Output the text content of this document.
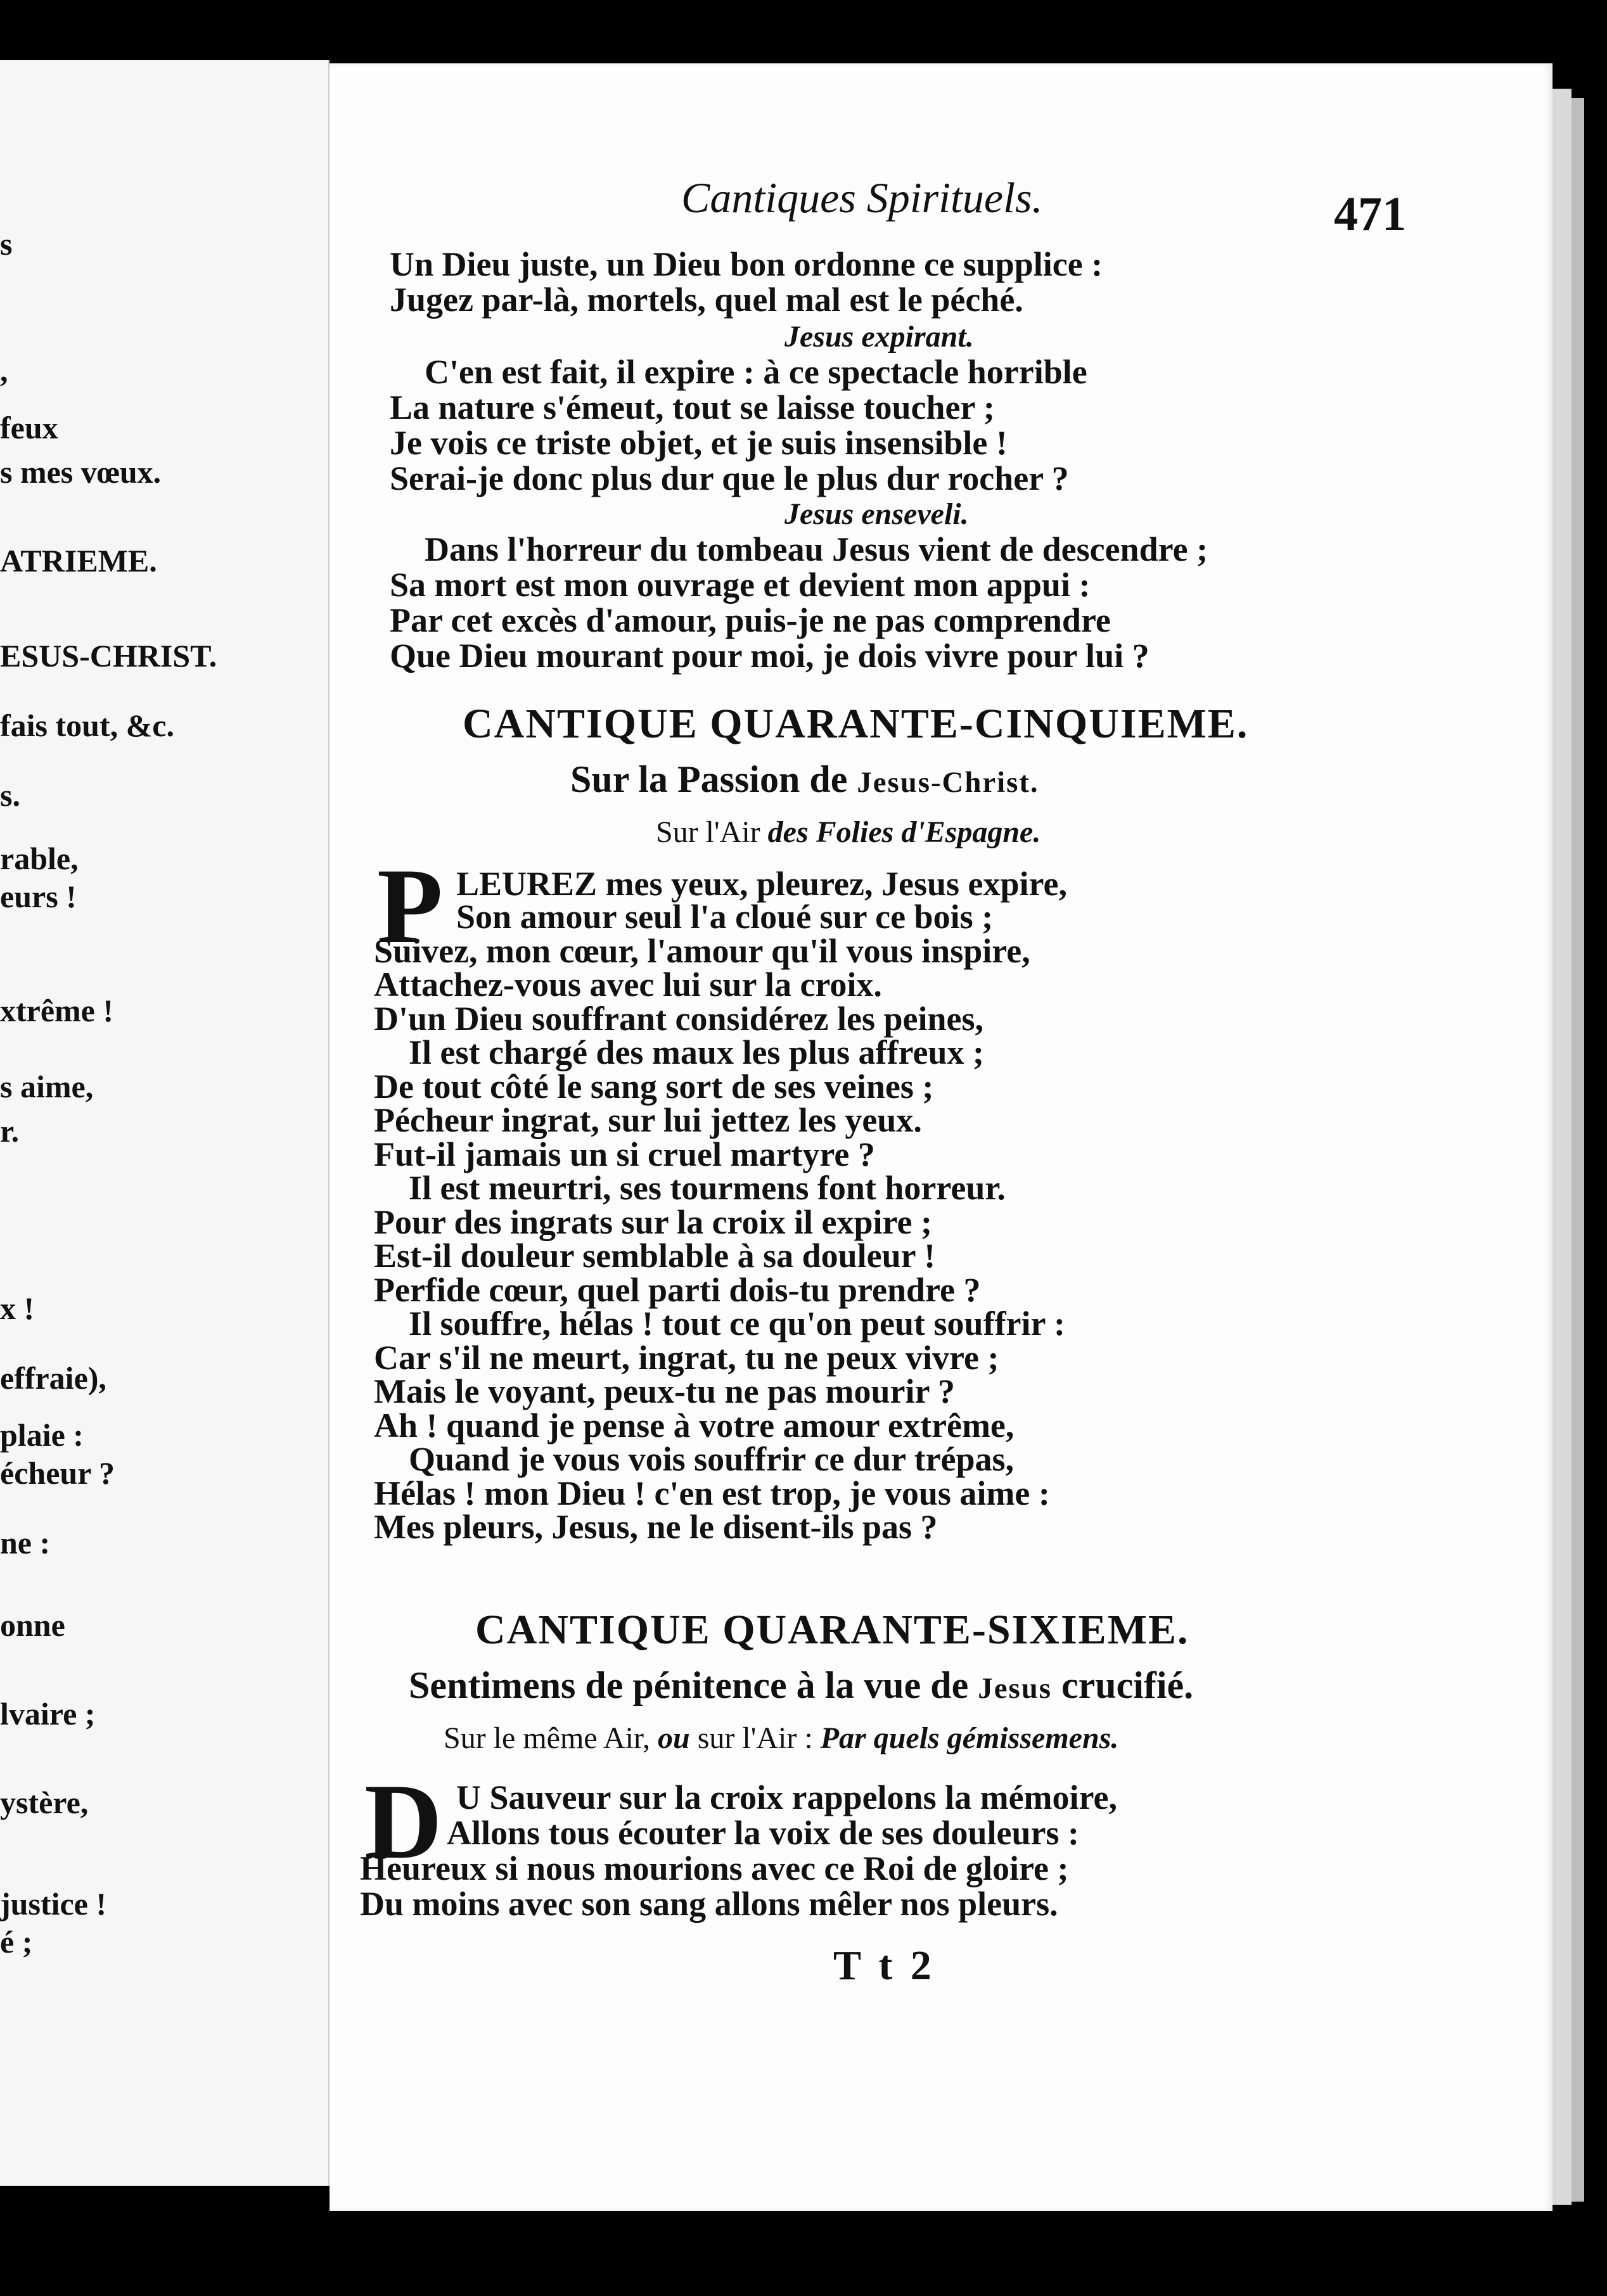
s
,
feux
s mes vœux.
ATRIEME.
ESUS-CHRIST.
fais tout, &c.
s.
rable,
eurs !
xtrême !
s aime,
r.
x !
effraie),
plaie :
écheur ?
ne :
onne
lvaire ;
ystère,
justice !
é ;
Cantiques Spirituels.	471
Un Dieu juste, un Dieu bon ordonne ce supplice :
Jugez par-là, mortels, quel mal est le péché.
Jesus expirant.
C'en est fait, il expire : à ce spectacle horrible
La nature s'émeut, tout se laisse toucher ;
Je vois ce triste objet, et je suis insensible !
Serai-je donc plus dur que le plus dur rocher ?
Jesus enseveli.
Dans l'horreur du tombeau Jesus vient de descendre ;
Sa mort est mon ouvrage et devient mon appui :
Par cet excès d'amour, puis-je ne pas comprendre
Que Dieu mourant pour moi, je dois vivre pour lui ?
CANTIQUE QUARANTE-CINQUIEME.
Sur la Passion de Jesus-Christ.
Sur l'Air des Folies d'Espagne.
P LEUREZ mes yeux, pleurez, Jesus expire,
Son amour seul l'a cloué sur ce bois ;
Suivez, mon cœur, l'amour qu'il vous inspire,
Attachez-vous avec lui sur la croix.
D'un Dieu souffrant considérez les peines,
Il est chargé des maux les plus affreux ;
De tout côté le sang sort de ses veines ;
Pécheur ingrat, sur lui jettez les yeux.
Fut-il jamais un si cruel martyre ?
Il est meurtri, ses tourmens font horreur.
Pour des ingrats sur la croix il expire ;
Est-il douleur semblable à sa douleur !
Perfide cœur, quel parti dois-tu prendre ?
Il souffre, hélas ! tout ce qu'on peut souffrir :
Car s'il ne meurt, ingrat, tu ne peux vivre ;
Mais le voyant, peux-tu ne pas mourir ?
Ah ! quand je pense à votre amour extrême,
Quand je vous vois souffrir ce dur trépas,
Hélas ! mon Dieu ! c'en est trop, je vous aime :
Mes pleurs, Jesus, ne le disent-ils pas ?
CANTIQUE QUARANTE-SIXIEME.
Sentimens de pénitence à la vue de Jesus crucifié.
Sur le même Air, ou sur l'Air : Par quels gémissemens.
D U Sauveur sur la croix rappelons la mémoire,
Allons tous écouter la voix de ses douleurs :
Heureux si nous mourions avec ce Roi de gloire ;
Du moins avec son sang allons mêler nos pleurs.
T t 2
